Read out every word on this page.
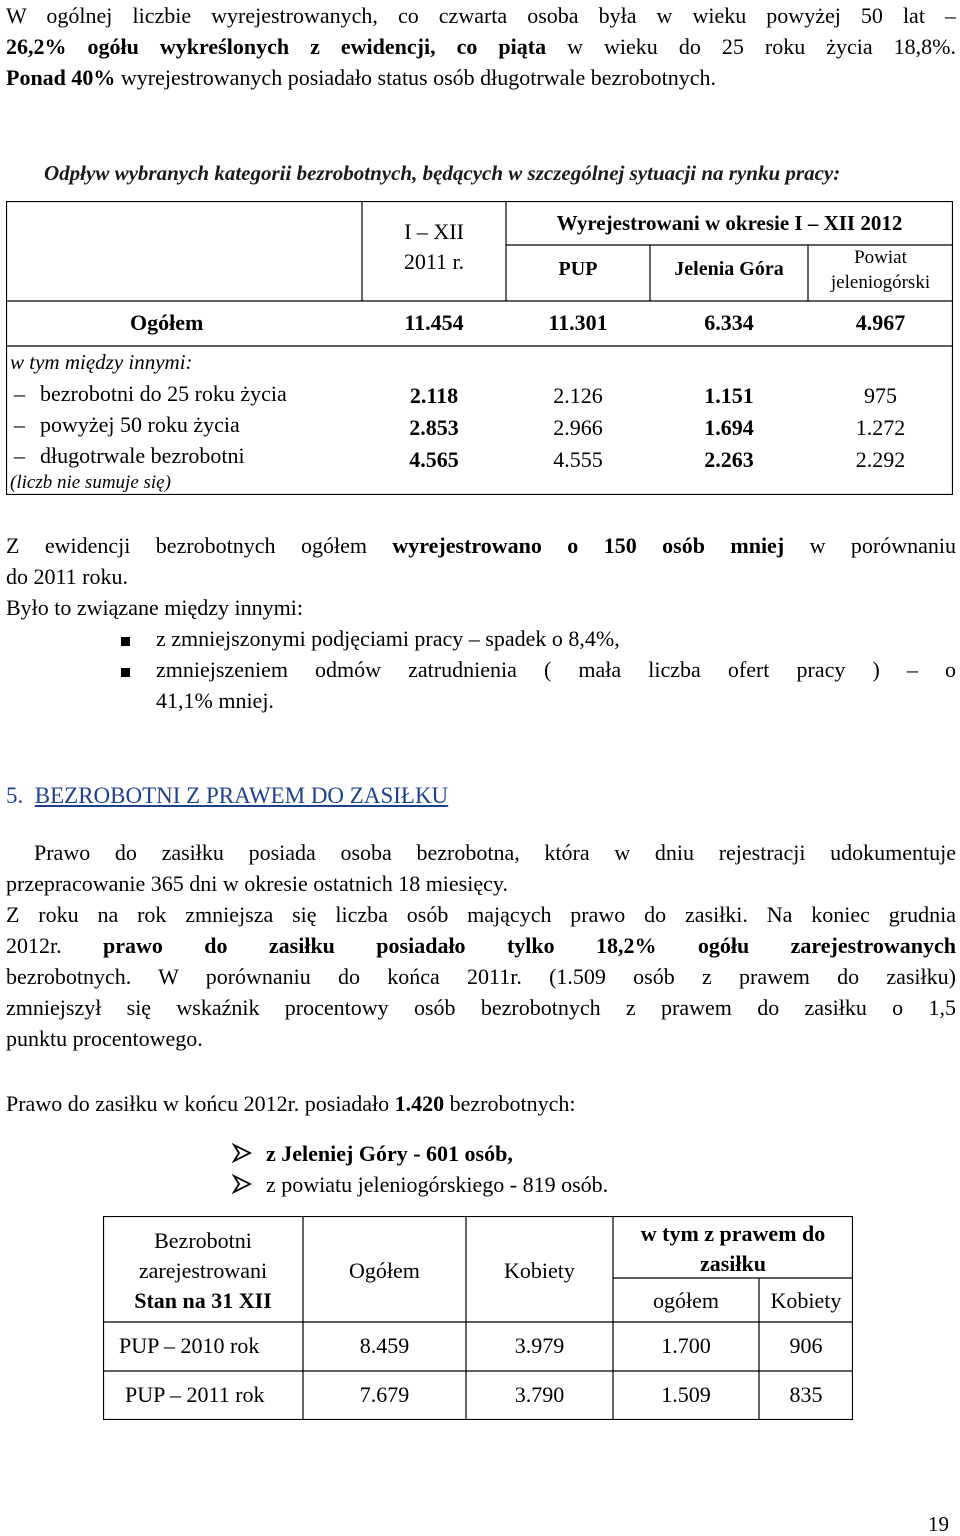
W ogólnej liczbie wyrejestrowanych, co czwarta osoba była w wieku powyżej 50 lat –
26,2% ogółu wykreślonych z ewidencji, co piąta w wieku do 25 roku życia 18,8%.
Ponad 40% wyrejestrowanych posiadało status osób długotrwale bezrobotnych.
Odpływ wybranych kategorii bezrobotnych, będących w szczególnej sytuacji na rynku pracy:
I – XII
2011 r.
Wyrejestrowani w okresie I – XII 2012
PUP	Jelenia Góra
Powiat
jeleniogórski
Ogółem	11.454	11.301	6.334	4.967
w tym między innymi:
– bezrobotni do 25 roku życia	2.118	2.126	1.151	975
– powyżej 50 roku życia	2.853	2.966	1.694	1.272
– długotrwale bezrobotni	4.565	4.555	2.263	2.292
(liczb nie sumuje się)
Z ewidencji bezrobotnych ogółem wyrejestrowano o 150 osób mniej w porównaniu
do 2011 roku.
Było to związane między innymi:
z zmniejszonymi podjęciami pracy – spadek o 8,4%,
zmniejszeniem odmów zatrudnienia ( mała liczba ofert pracy ) – o
41,1% mniej.
5. BEZROBOTNI Z PRAWEM DO ZASIŁKU
Prawo do zasiłku posiada osoba bezrobotna, która w dniu rejestracji udokumentuje
przepracowanie 365 dni w okresie ostatnich 18 miesięcy.
Z roku na rok zmniejsza się liczba osób mających prawo do zasiłki. Na koniec grudnia
2012r. prawo do zasiłku posiadało tylko 18,2% ogółu zarejestrowanych
bezrobotnych. W porównaniu do końca 2011r. (1.509 osób z prawem do zasiłku)
zmniejszył się wskaźnik procentowy osób bezrobotnych z prawem do zasiłku o 1,5
punktu procentowego.
Prawo do zasiłku w końcu 2012r. posiadało 1.420 bezrobotnych:
z Jeleniej Góry - 601 osób,
z powiatu jeleniogórskiego - 819 osób.
Bezrobotni
zarejestrowani
Stan na 31 XII
Ogółem	Kobiety
w tym z prawem do
zasiłku
ogółem	Kobiety
PUP – 2010 rok	8.459	3.979	1.700	906
PUP – 2011 rok	7.679	3.790	1.509	835
19
